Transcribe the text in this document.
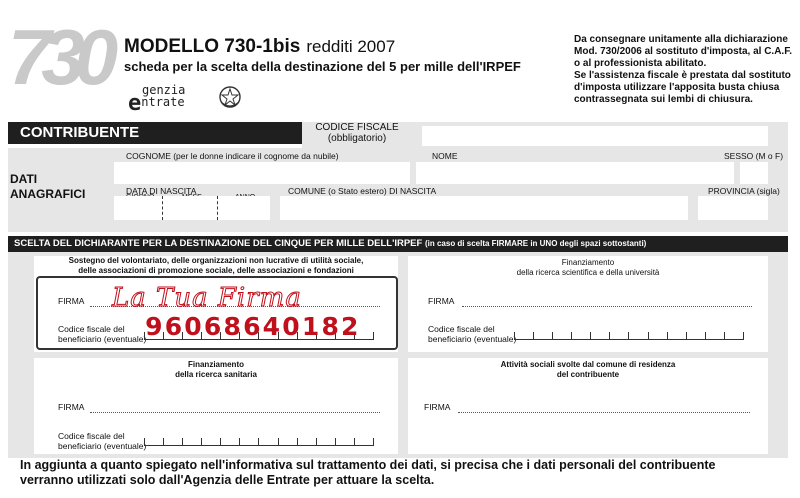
730 MODELLO 730-1bis redditi 2007
scheda per la scelta della destinazione del 5 per mille dell'IRPEF
genzia
entrate
Da consegnare unitamente alla dichiarazione
Mod. 730/2006 al sostituto d'imposta, al C.A.F.
o al professionista abilitato.
Se l'assistenza fiscale è prestata dal sostituto
d'imposta utilizzare l'apposita busta chiusa
contrassegnata sui lembi di chiusura.
CONTRIBUENTE	CODICE FISCALE
(obbligatorio)
DATI
ANAGRAFICI
COGNOME (per le donne indicare il cognome da nubile)	NOME	SESSO (M o F)
DATA DI NASCITA	COMUNE (o Stato estero) DI NASCITA	PROVINCIA (sigla)
SCELTA DEL DICHIARANTE PER LA DESTINAZIONE DEL CINQUE PER MILLE DELL'IRPEF (in caso di scelta FIRMARE in UNO degli spazi sottostanti)
Sostegno del volontariato, delle organizzazioni non lucrative di utilità sociale,
delle associazioni di promozione sociale, delle associazioni e fondazioni
FIRMA La Tua Firma
Codice fiscale del
beneficiario (eventuale)
9 6 0 6 8 6 4 0 1 8 2
Finanziamento
della ricerca scientifica e della università
FIRMA
Codice fiscale del
beneficiario (eventuale)
Finanziamento
della ricerca sanitaria
FIRMA
Codice fiscale del
beneficiario (eventuale)
Attività sociali svolte dal comune di residenza
del contribuente
FIRMA
In aggiunta a quanto spiegato nell'informativa sul trattamento dei dati, si precisa che i dati personali del contribuente
verranno utilizzati solo dall'Agenzia delle Entrate per attuare la scelta.
